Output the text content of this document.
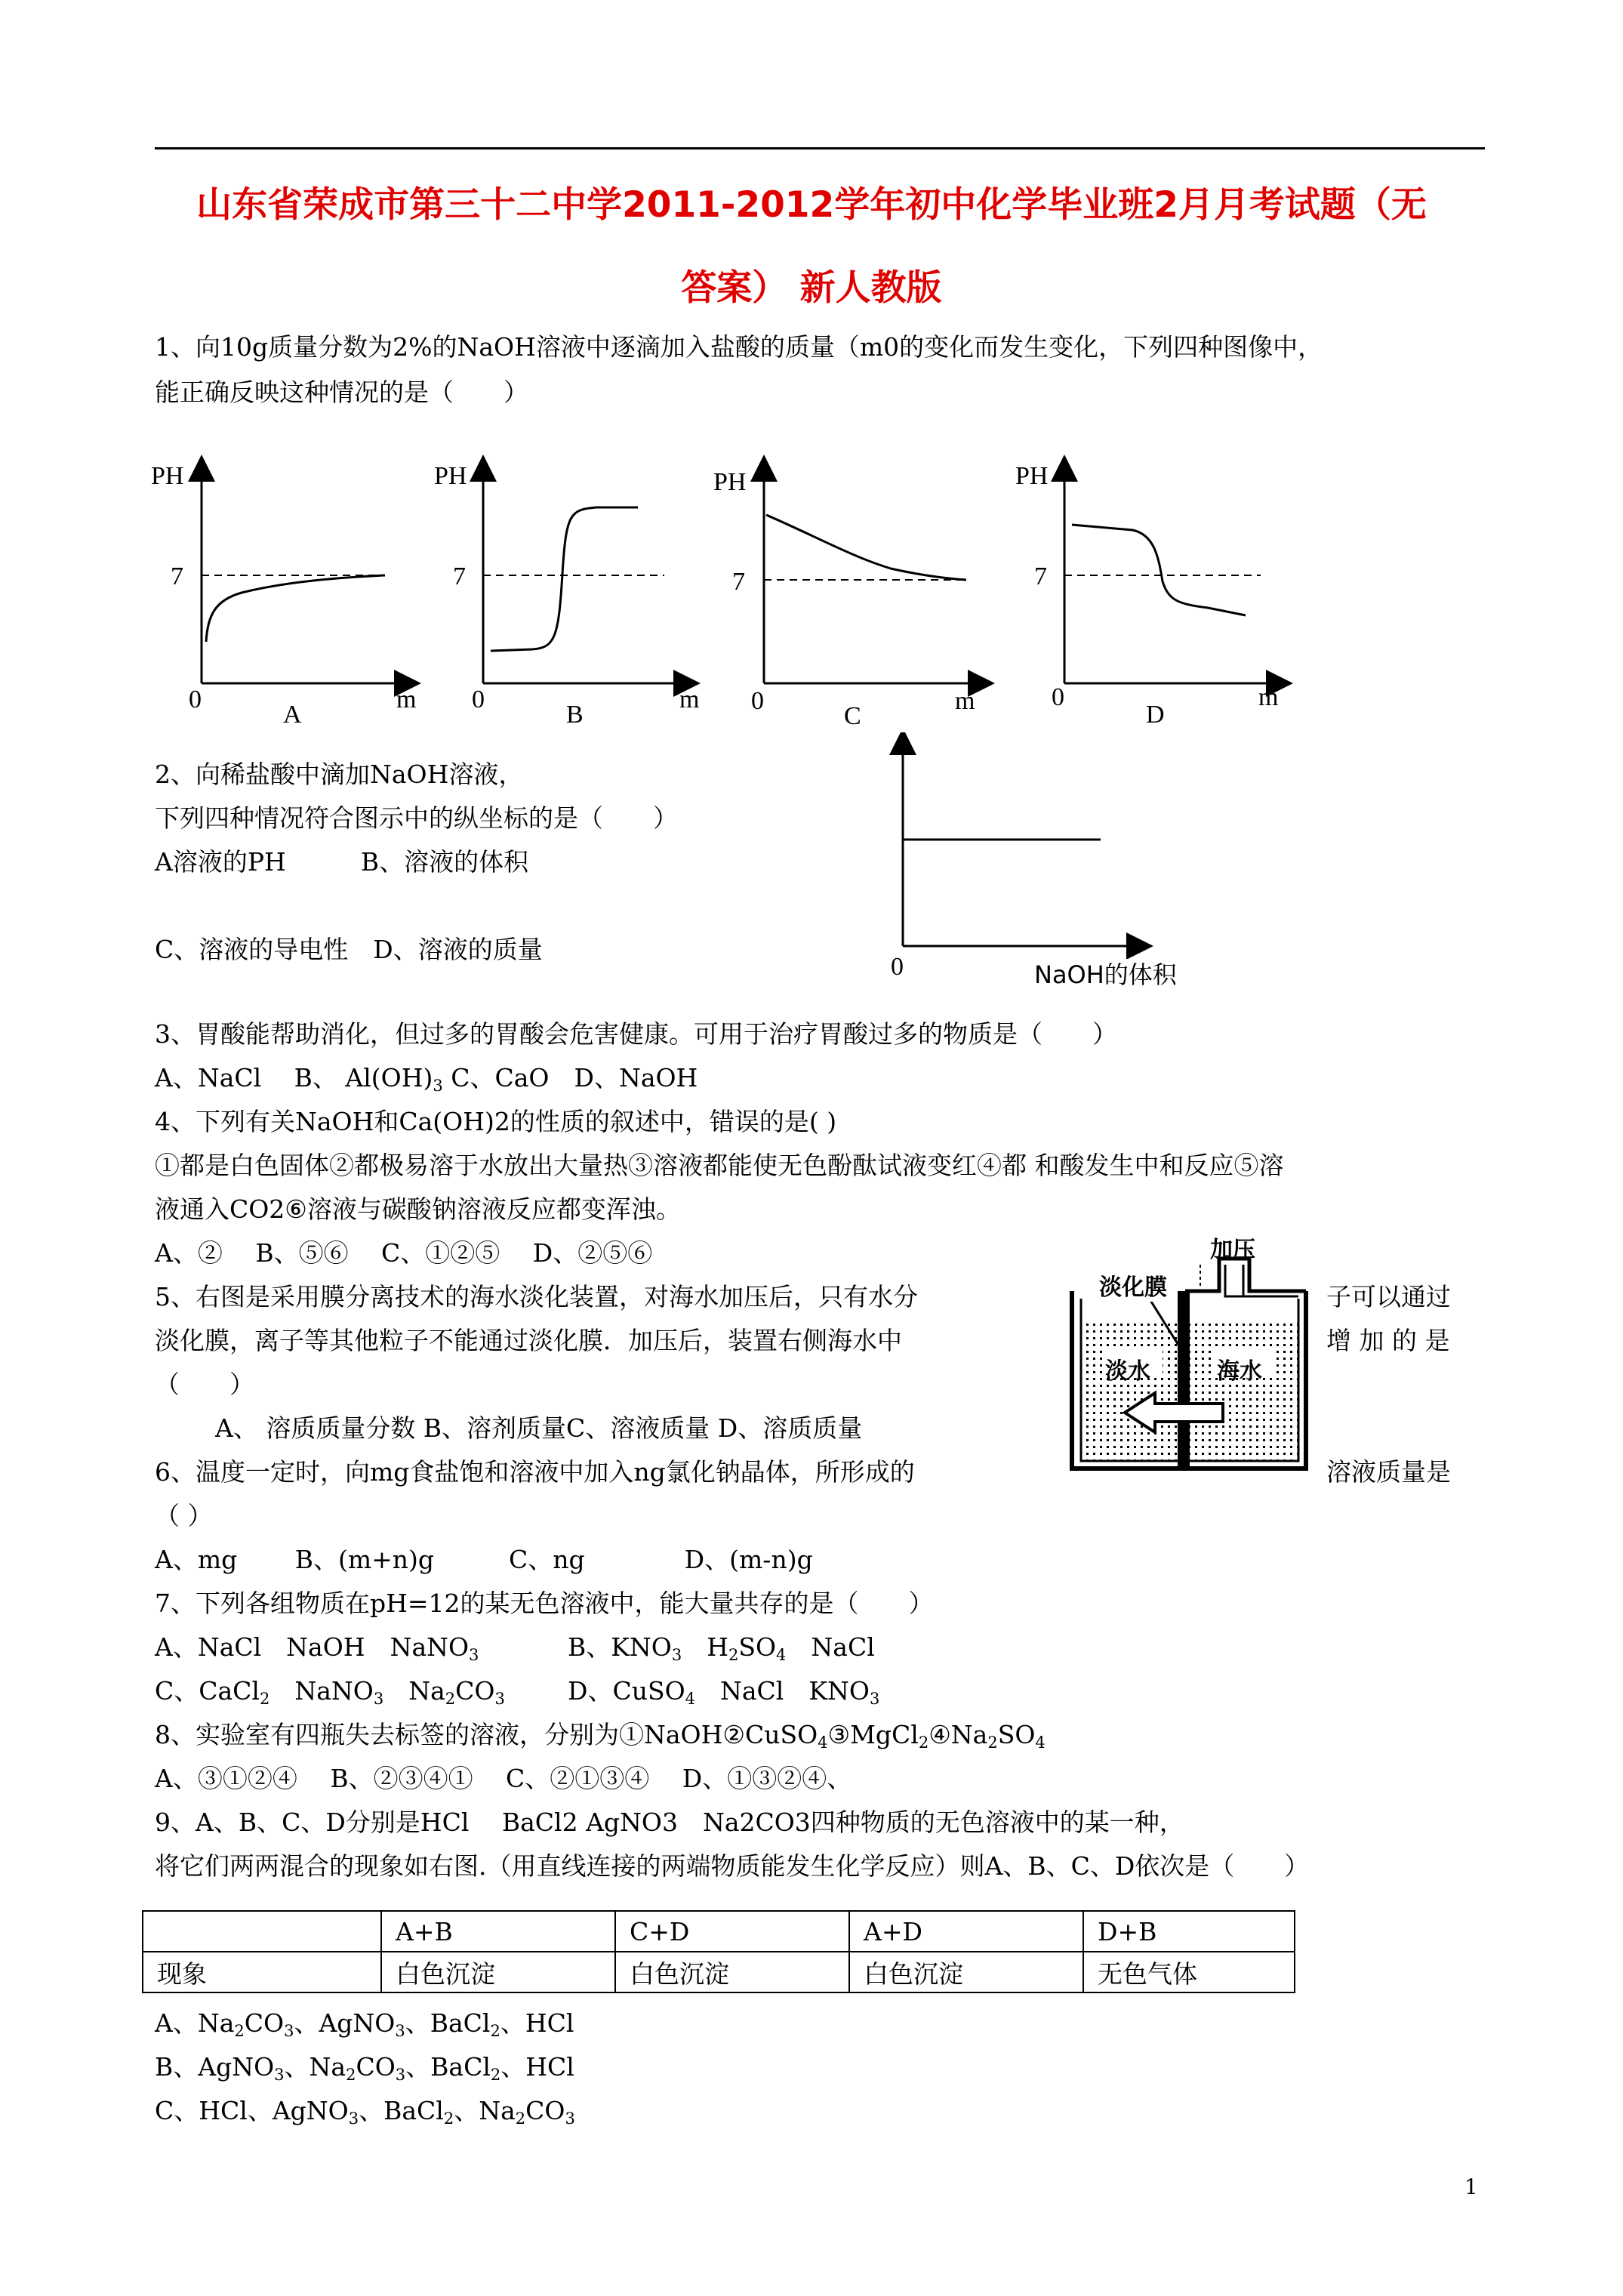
山东省荣成市第三十二中学2011-2012学年初中化学毕业班2月月考试题（无
答案） 新人教版
1、向10g质量分数为2%的NaOH溶液中逐滴加入盐酸的质量（m0的变化而发生变化，下列四种图像中，
能正确反映这种情况的是（　　）
PH
7
0	m
A
PH
7
0	m
B
PH
7
0	m
C
PH
7
0	m
D
2、向稀盐酸中滴加NaOH溶液，
下列四种情况符合图示中的纵坐标的是（　　）
A溶液的PH　　　B、溶液的体积
C、溶液的导电性　D、溶液的质量
0	NaOH的体积
3、胃酸能帮助消化，但过多的胃酸会危害健康。可用于治疗胃酸过多的物质是（　　）
A、NaCl　 B、 $Al(OH)_3$ C、CaO　D、NaOH
4、下列有关NaOH和Ca(OH)2的性质的叙述中，错误的是( )
①都是白色固体②都极易溶于水放出大量热③溶液都能使无色酚酞试液变红④都 和酸发生中和反应⑤溶
液通入CO2⑥溶液与碳酸钠溶液反应都变浑浊。
A、②　 B、⑤⑥　 C、①②⑤　 D、②⑤⑥
5、右图是采用膜分离技术的海水淡化装置，对海水加压后，只有水分	子可以通过
淡化膜，离子等其他粒子不能通过淡化膜．加压后，装置右侧海水中	增 加 的 是
（　　）
A、 溶质质量分数 B、溶剂质量C、溶液质量 D、溶质质量
加压
淡化膜
淡水	海水
6、温度一定时，向mg食盐饱和溶液中加入ng氯化钠晶体，所形成的	溶液质量是
（ ）
A、mg　　 B、(m+n)g　　　C、ng　　　　D、(m-n)g
7、下列各组物质在pH=12的某无色溶液中，能大量共存的是（　　）
A、NaCl　NaOH　NaNO$_3$	B、$KNO_3$　$H_2SO_4$　NaCl
C、CaCl$_2$　NaNO$_3$　$Na_2CO_3$	D、CuSO$_4$　NaCl　$KNO_3$
8、实验室有四瓶失去标签的溶液，分别为$①NaOH②CuSO_4③MgCl_2④Na_2SO_4$
A、③①②④　 B、②③④①　 C、②①③④　 D、①③②④、
9、A、B、C、D分别是HCl　 BaCl2 AgNO3　Na2CO3四种物质的无色溶液中的某一种，
将它们两两混合的现象如右图.（用直线连接的两端物质能发生化学反应）则A、B、C、D依次是（　　）
	A+B	C+D	A+D	D+B
现象	白色沉淀	白色沉淀	白色沉淀	无色气体
A、$Na_2CO_3$、AgNO$_3$、BaCl$_2$、HCl
B、AgNO$_3$、$Na_2CO_3$、BaCl$_2$、HCl
C、HCl、AgNO$_3$、BaCl$_2$、$Na_2CO_3$
1
